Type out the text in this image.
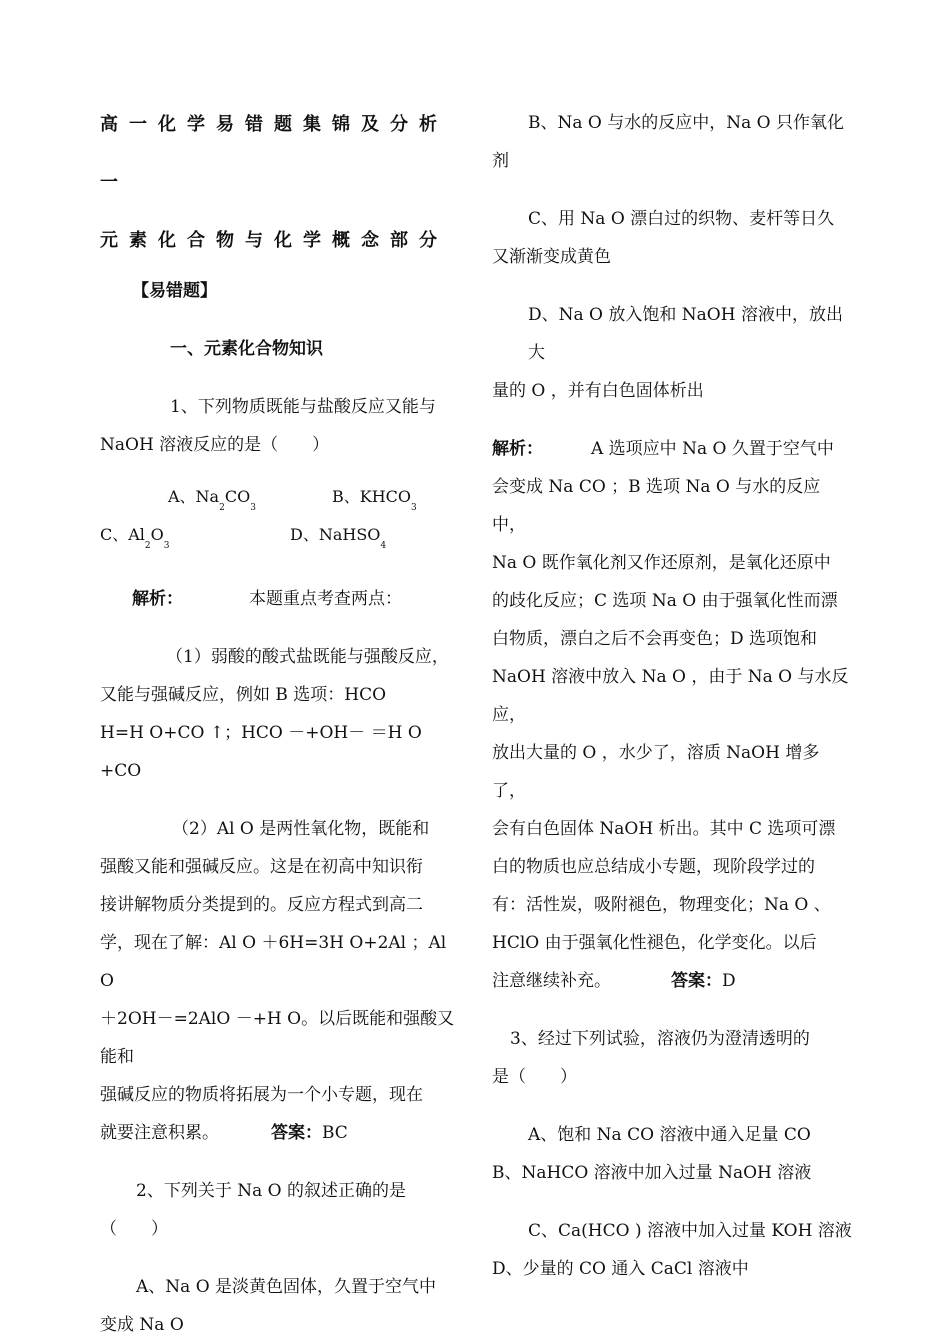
高一化学易错题集锦及分析一

元素化合物与化学概念部分

【易错题】

一、元素化合物知识

1、下列物质既能与盐酸反应又能与

NaOH 溶液反应的是（　　）

A、$Na_2CO_3$
B、$KHCO_3$
C、$Al_2O_3$
D、NaHSO$_4$

解析：	本题重点考查两点：

（1）弱酸的酸式盐既能与强酸反应，

又能与强碱反应，例如 B 选项：HCO

H=H O+CO ↑；HCO －+OH－ ＝H O +CO

（2）Al O 是两性氧化物，既能和

强酸又能和强碱反应。这是在初高中知识衔

接讲解物质分类提到的。反应方程式到高二

学，现在了解：Al O ＋6H=3H O+2Al ；Al O

＋2OH－=2AlO －+H O。以后既能和强酸又能和

强碱反应的物质将拓展为一个小专题，现在

就要注意积累。	答案：BC

2、下列关于 Na O 的叙述正确的是

（　　）

A、Na O 是淡黄色固体，久置于空气中

变成 Na O

B、Na O 与水的反应中，Na O 只作氧化

剂

C、用 Na O 漂白过的织物、麦杆等日久

又渐渐变成黄色

D、Na O 放入饱和 NaOH 溶液中，放出大

量的 O ，并有白色固体析出

解析：	A 选项应中 Na O 久置于空气中

会变成 Na CO ；B 选项 Na O 与水的反应中，

Na O 既作氧化剂又作还原剂，是氧化还原中

的歧化反应；C 选项 Na O 由于强氧化性而漂

白物质，漂白之后不会再变色；D 选项饱和

NaOH 溶液中放入 Na O ，由于 Na O 与水反应，

放出大量的 O ，水少了，溶质 NaOH 增多了，

会有白色固体 NaOH 析出。其中 C 选项可漂

白的物质也应总结成小专题，现阶段学过的

有：活性炭，吸附褪色，物理变化；Na O 、

HClO 由于强氧化性褪色，化学变化。以后

注意继续补充。	答案：D

3、经过下列试验，溶液仍为澄清透明的

是（　　）

A、饱和 Na CO 溶液中通入足量 CO

B、NaHCO 溶液中加入过量 NaOH 溶液

C、Ca(HCO ) 溶液中加入过量 KOH 溶液

D、少量的 CO 通入 CaCl 溶液中
